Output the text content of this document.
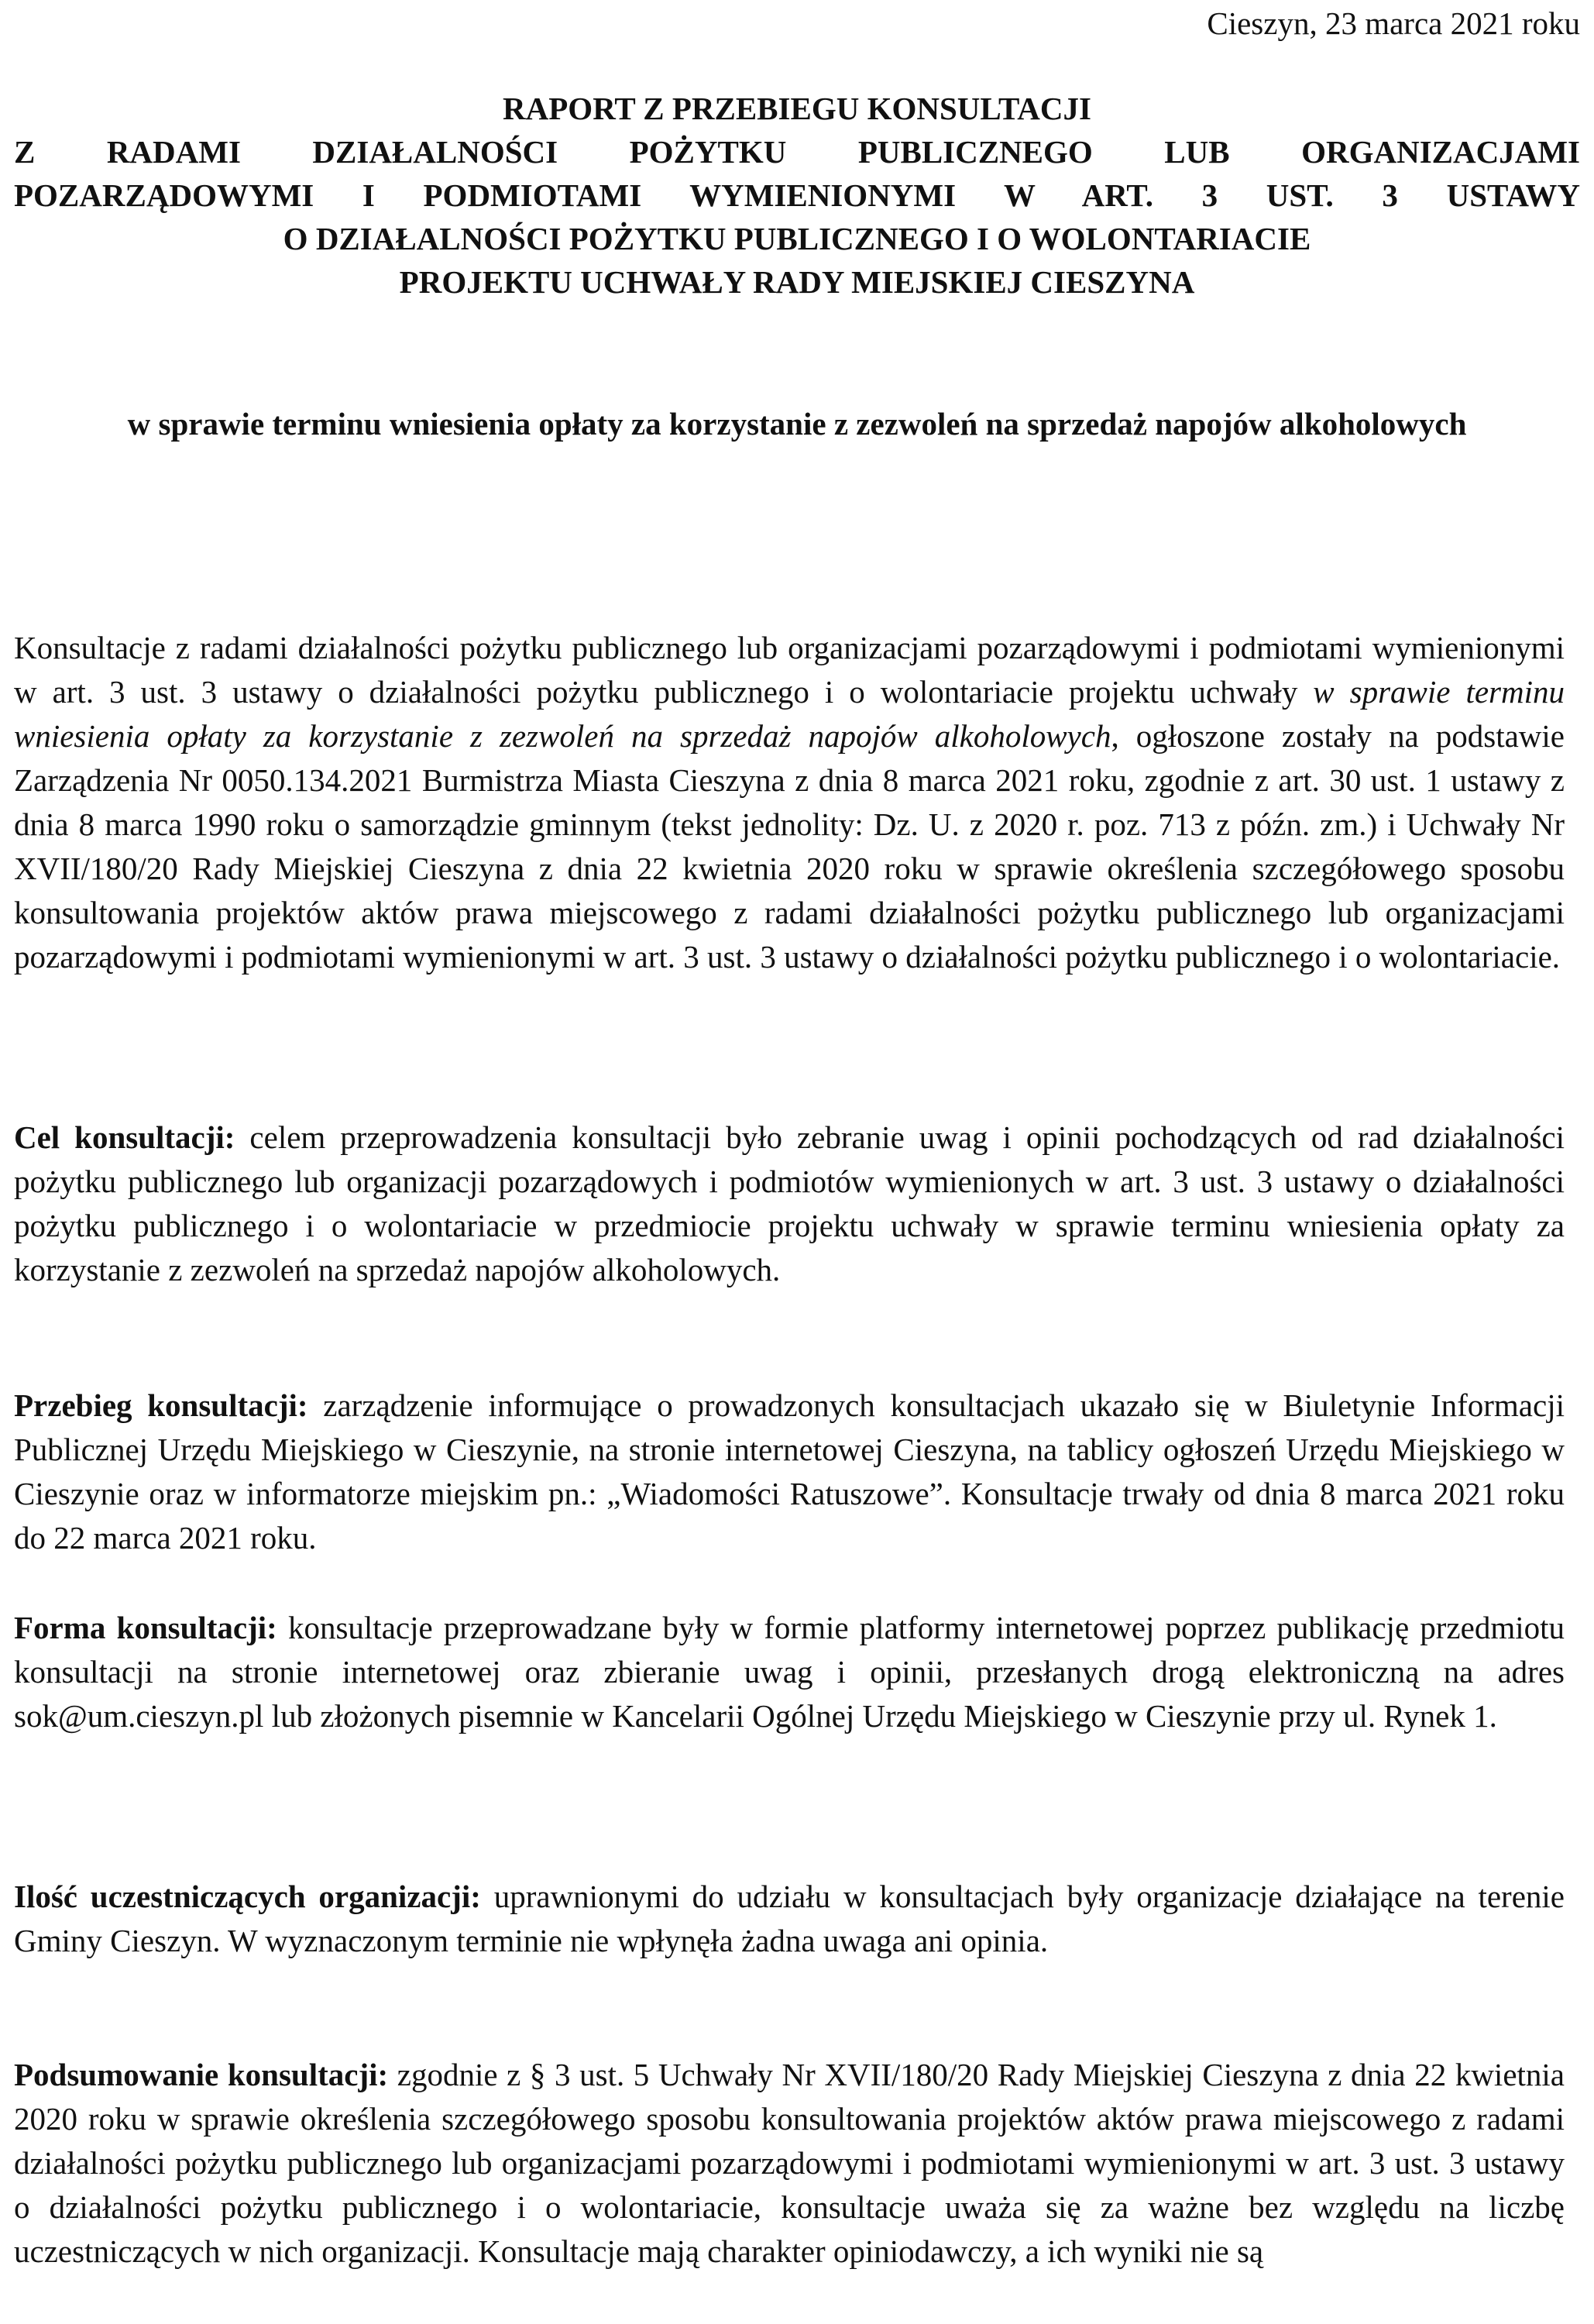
Cieszyn, 23 marca 2021 roku
RAPORT Z PRZEBIEGU KONSULTACJI
Z RADAMI DZIAŁALNOŚCI POŻYTKU PUBLICZNEGO LUB ORGANIZACJAMI
POZARZĄDOWYMI I PODMIOTAMI WYMIENIONYMI W ART. 3 UST. 3 USTAWY
O DZIAŁALNOŚCI POŻYTKU PUBLICZNEGO I O WOLONTARIACIE
PROJEKTU UCHWAŁY RADY MIEJSKIEJ CIESZYNA
w sprawie terminu wniesienia opłaty za korzystanie z zezwoleń na sprzedaż napojów alkoholowych
Konsultacje z radami działalności pożytku publicznego lub organizacjami pozarządowymi i podmiotami wymienionymi w art. 3 ust. 3 ustawy o działalności pożytku publicznego i o wolontariacie projektu uchwały w sprawie terminu wniesienia opłaty za korzystanie z zezwoleń na sprzedaż napojów alkoholowych, ogłoszone zostały na podstawie Zarządzenia Nr 0050.134.2021 Burmistrza Miasta Cieszyna z dnia 8 marca 2021 roku, zgodnie z art. 30 ust. 1 ustawy z dnia 8 marca 1990 roku o samorządzie gminnym (tekst jednolity: Dz. U. z 2020 r. poz. 713 z późn. zm.) i Uchwały Nr XVII/180/20 Rady Miejskiej Cieszyna z dnia 22 kwietnia 2020 roku w sprawie określenia szczegółowego sposobu konsultowania projektów aktów prawa miejscowego z radami działalności pożytku publicznego lub organizacjami pozarządowymi i podmiotami wymienionymi w art. 3 ust. 3 ustawy o działalności pożytku publicznego i o wolontariacie.
Cel konsultacji: celem przeprowadzenia konsultacji było zebranie uwag i opinii pochodzących od rad działalności pożytku publicznego lub organizacji pozarządowych i podmiotów wymienionych w art. 3 ust. 3 ustawy o działalności pożytku publicznego i o wolontariacie w przedmiocie projektu uchwały w sprawie terminu wniesienia opłaty za korzystanie z zezwoleń na sprzedaż napojów alkoholowych.
Przebieg konsultacji: zarządzenie informujące o prowadzonych konsultacjach ukazało się w Biuletynie Informacji Publicznej Urzędu Miejskiego w Cieszynie, na stronie internetowej Cieszyna, na tablicy ogłoszeń Urzędu Miejskiego w Cieszynie oraz w informatorze miejskim pn.: „Wiadomości Ratuszowe”. Konsultacje trwały od dnia 8 marca 2021 roku do 22 marca 2021 roku.
Forma konsultacji: konsultacje przeprowadzane były w formie platformy internetowej poprzez publikację przedmiotu konsultacji na stronie internetowej oraz zbieranie uwag i opinii, przesłanych drogą elektroniczną na adres sok@um.cieszyn.pl lub złożonych pisemnie w Kancelarii Ogólnej Urzędu Miejskiego w Cieszynie przy ul. Rynek 1.
Ilość uczestniczących organizacji: uprawnionymi do udziału w konsultacjach były organizacje działające na terenie Gminy Cieszyn. W wyznaczonym terminie nie wpłynęła żadna uwaga ani opinia.
Podsumowanie konsultacji: zgodnie z § 3 ust. 5 Uchwały Nr XVII/180/20 Rady Miejskiej Cieszyna z dnia 22 kwietnia 2020 roku w sprawie określenia szczegółowego sposobu konsultowania projektów aktów prawa miejscowego z radami działalności pożytku publicznego lub organizacjami pozarządowymi i podmiotami wymienionymi w art. 3 ust. 3 ustawy o działalności pożytku publicznego i o wolontariacie, konsultacje uważa się za ważne bez względu na liczbę uczestniczących w nich organizacji. Konsultacje mają charakter opiniodawczy, a ich wyniki nie są
